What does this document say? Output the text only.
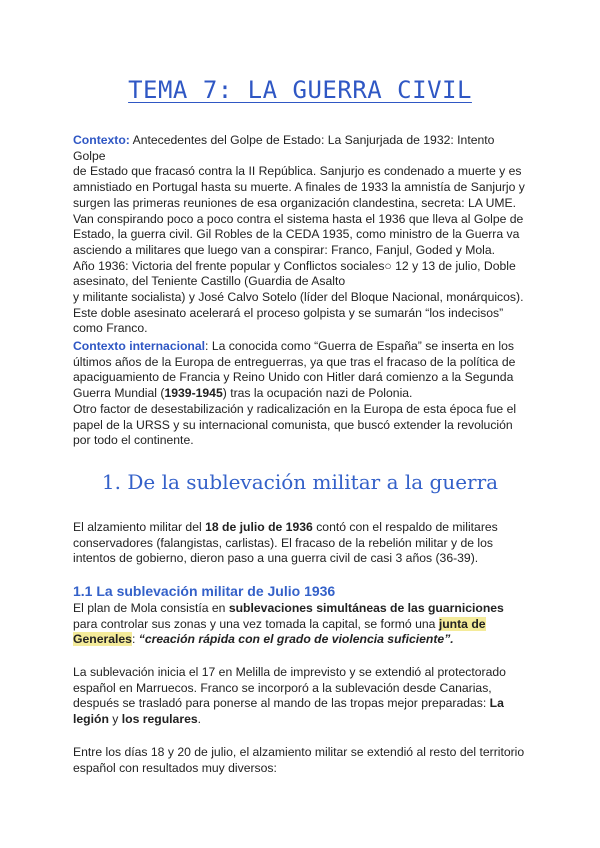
TEMA 7: LA GUERRA CIVIL

Contexto: Antecedentes del Golpe de Estado: La Sanjurjada de 1932: Intento Golpe

de Estado que fracasó contra la II República. Sanjurjo es condenado a muerte y es

amnistiado en Portugal hasta su muerte. A finales de 1933 la amnistía de Sanjurjo y

surgen las primeras reuniones de esa organización clandestina, secreta: LA UME.

Van conspirando poco a poco contra el sistema hasta el 1936 que lleva al Golpe de

Estado, la guerra civil. Gil Robles de la CEDA 1935, como ministro de la Guerra va

asciendo a militares que luego van a conspirar: Franco, Fanjul, Goded y Mola.

Año 1936: Victoria del frente popular y Conflictos sociales○ 12 y 13 de julio, Doble

asesinato, del Teniente Castillo (Guardia de Asalto

y militante socialista) y José Calvo Sotelo (líder del Bloque Nacional, monárquicos).

Este doble asesinato acelerará el proceso golpista y se sumarán “los indecisos”

como Franco.

Contexto internacional: La conocida como “Guerra de España” se inserta en los

últimos años de la Europa de entreguerras, ya que tras el fracaso de la política de

apaciguamiento de Francia y Reino Unido con Hitler dará comienzo a la Segunda

Guerra Mundial (1939-1945) tras la ocupación nazi de Polonia.

Otro factor de desestabilización y radicalización en la Europa de esta época fue el

papel de la URSS y su internacional comunista, que buscó extender la revolución

por todo el continente.

1. De la sublevación militar a la guerra

El alzamiento militar del 18 de julio de 1936 contó con el respaldo de militares

conservadores (falangistas, carlistas). El fracaso de la rebelión militar y de los

intentos de gobierno, dieron paso a una guerra civil de casi 3 años (36-39).

1.1 La sublevación militar de Julio 1936

El plan de Mola consistía en sublevaciones simultáneas de las guarniciones

para controlar sus zonas y una vez tomada la capital, se formó una junta de

Generales: “creación rápida con el grado de violencia suficiente”.

La sublevación inicia el 17 en Melilla de imprevisto y se extendió al protectorado

español en Marruecos. Franco se incorporó a la sublevación desde Canarias,

después se trasladó para ponerse al mando de las tropas mejor preparadas: La

legión y los regulares.

Entre los días 18 y 20 de julio, el alzamiento militar se extendió al resto del territorio

español con resultados muy diversos:
